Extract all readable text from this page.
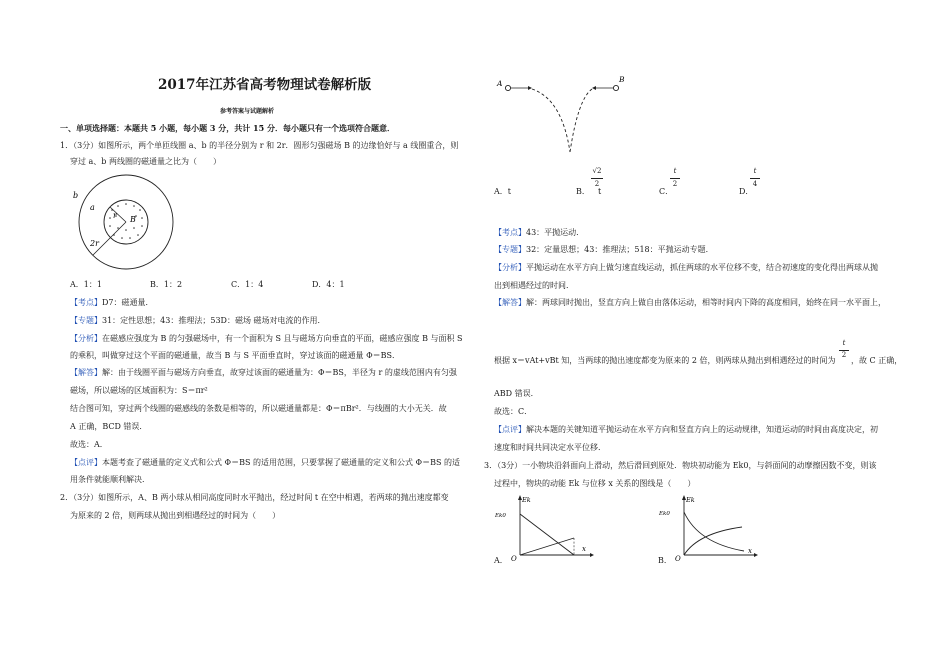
2017年江苏省高考物理试卷解析版
参考答案与试题解析
一、单项选择题：本题共 5 小题，每小题 3 分，共计 15 分．每小题只有一个选项符合题意．
1．（3分）如图所示，两个单匝线圈 a、b 的半径分别为 r 和 2r．圆形匀强磁场 B 的边缘恰好与 a 线圈重合，则
穿过 a、b 两线圈的磁通量之比为（　　）
b
a
r B
2r
A．1：1	B．1：2	C．1：4	D．4：1
【考点】D7：磁通量．
【专题】31：定性思想；43：推理法；53D：磁场 磁场对电流的作用．
【分析】在磁感应强度为 B 的匀强磁场中，有一个面积为 S 且与磁场方向垂直的平面，磁感应强度 B 与面积 S
的乘积，叫做穿过这个平面的磁通量，故当 B 与 S 平面垂直时，穿过该面的磁通量 Φ＝BS．
【解答】解：由于线圈平面与磁场方向垂直，故穿过该面的磁通量为：Φ＝BS，半径为 r 的虚线范围内有匀强
磁场，所以磁场的区域面积为：S＝πr²
结合图可知，穿过两个线圈的磁感线的条数是相等的，所以磁通量都是：Φ＝πBr²．与线圈的大小无关．故
A 正确，BCD 错误．
故选：A．
【点评】本题考查了磁通量的定义式和公式 Φ＝BS 的适用范围，只要掌握了磁通量的定义和公式 Φ＝BS 的适
用条件就能顺利解决．
2．（3分）如图所示，A、B 两小球从相同高度同时水平抛出，经过时间 t 在空中相遇，若两球的抛出速度都变
为原来的 2 倍，则两球从抛出到相遇经过的时间为（　　）
A	B
A．t	B．
√2
2
t	C．
t
2
D．
t
4
【考点】43：平抛运动．
【专题】32：定量思想；43：推理法；518：平抛运动专题．
【分析】平抛运动在水平方向上做匀速直线运动，抓住两球的水平位移不变，结合初速度的变化得出两球从抛
出到相遇经过的时间．
【解答】解：两球同时抛出，竖直方向上做自由落体运动，相等时间内下降的高度相同，始终在同一水平面上，
根据 x＝vAt+vBt 知，当两球的抛出速度都变为原来的 2 倍，则两球从抛出到相遇经过的时间为
t
2
，故 C 正确，
ABD 错误．
故选：C．
【点评】解决本题的关键知道平抛运动在水平方向和竖直方向上的运动规律，知道运动的时间由高度决定，初
速度和时间共同决定水平位移．
3．（3分）一小物块沿斜面向上滑动，然后滑回到原处．物块初动能为 Ek0，与斜面间的动摩擦因数不变，则该
过程中，物块的动能 Ek 与位移 x 关系的图线是（　　）
Ek
Ek0
O
x
A．
Ek
Ek0
O
x
B．
